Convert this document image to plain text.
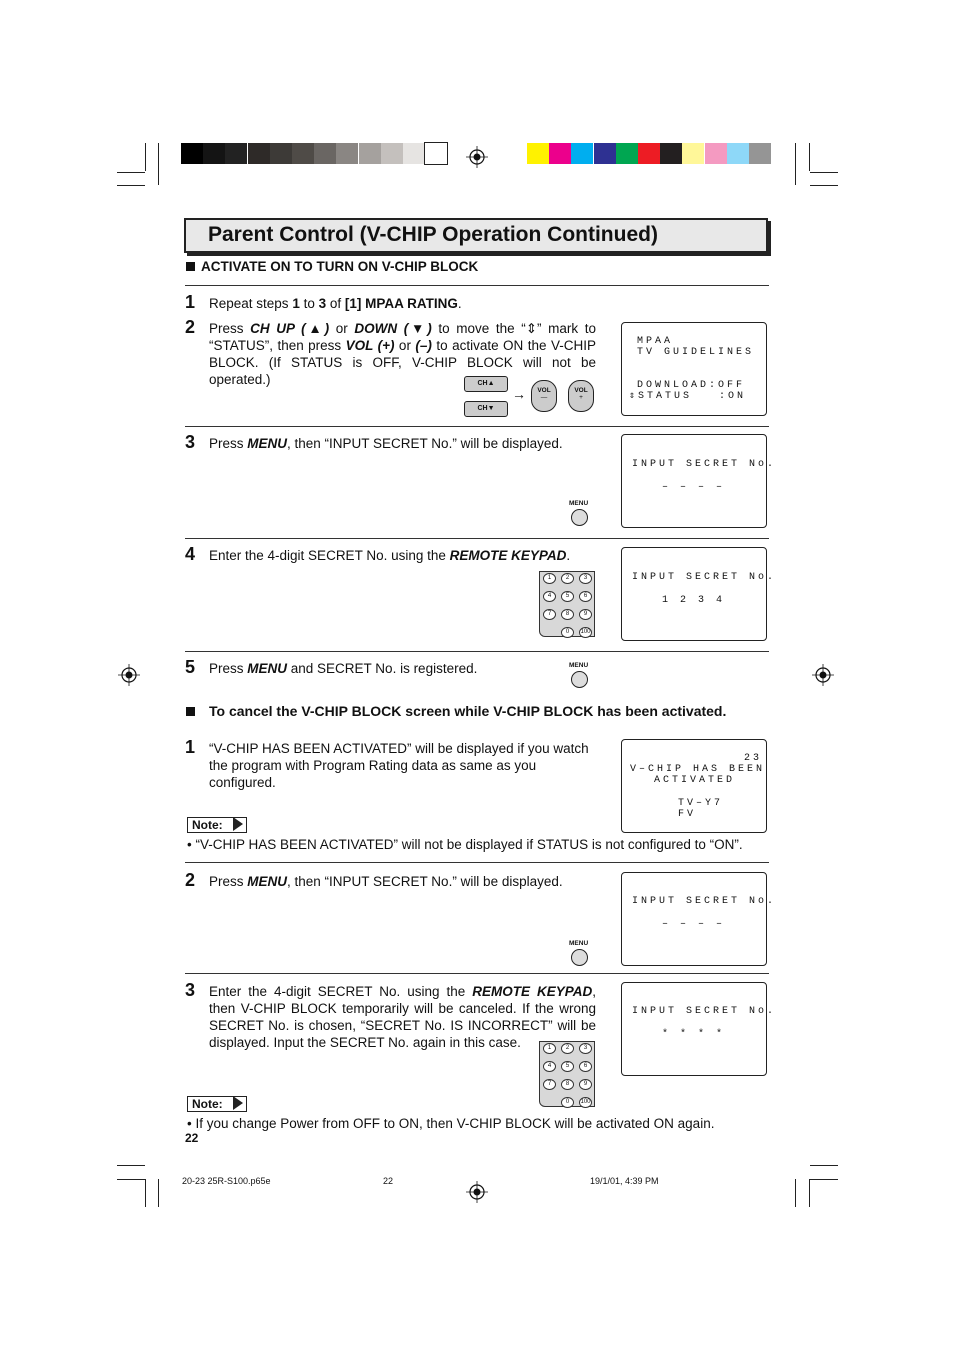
Parent Control (V-CHIP Operation Continued)
ACTIVATE ON TO TURN ON V-CHIP BLOCK
1 Repeat steps 1 to 3 of [1] MPAA RATING.
2 Press CH UP (▲) or DOWN (▼) to move the “⇕” mark to “STATUS”, then press VOL (+) or (–) to activate ON the V-CHIP BLOCK. (If STATUS is OFF, V-CHIP BLOCK will not be operated.)
MPAA
TV GUIDELINES
DOWNLOAD:OFF
⇕STATUS   :ON
CH▲
CH▼
→	VOL
—
VOL
+
3 Press MENU, then “INPUT SECRET No.” will be displayed.
MENU
INPUT SECRET No.
– – – –
4 Enter the 4-digit SECRET No. using the REMOTE KEYPAD.
1	2	3
4	5	6
7	8	9
0	100
INPUT SECRET No.
1 2 3 4
5 Press MENU and SECRET No. is registered.	MENU
To cancel the V-CHIP BLOCK screen while V-CHIP BLOCK has been activated.
1 “V-CHIP HAS BEEN ACTIVATED” will be displayed if you watch the program with Program Rating data as same as you configured.
23
V–CHIP HAS BEEN
ACTIVATED
TV–Y7
FV
Note:
• “V-CHIP HAS BEEN ACTIVATED” will not be displayed if STATUS is not configured to “ON”.
2 Press MENU, then “INPUT SECRET No.” will be displayed.
MENU
INPUT SECRET No.
– – – –
3 Enter the 4-digit SECRET No. using the REMOTE KEYPAD, then V-CHIP BLOCK temporarily will be canceled. If the wrong SECRET No. is chosen, “SECRET No. IS INCORRECT” will be displayed. Input the SECRET No. again in this case.	1	2	3
4	5	6
7	8	9
0	100
INPUT SECRET No.
* * * *
Note:
• If you change Power from OFF to ON, then V-CHIP BLOCK will be activated ON again.
22
20-23 25R-S100.p65e	22	19/1/01, 4:39 PM
